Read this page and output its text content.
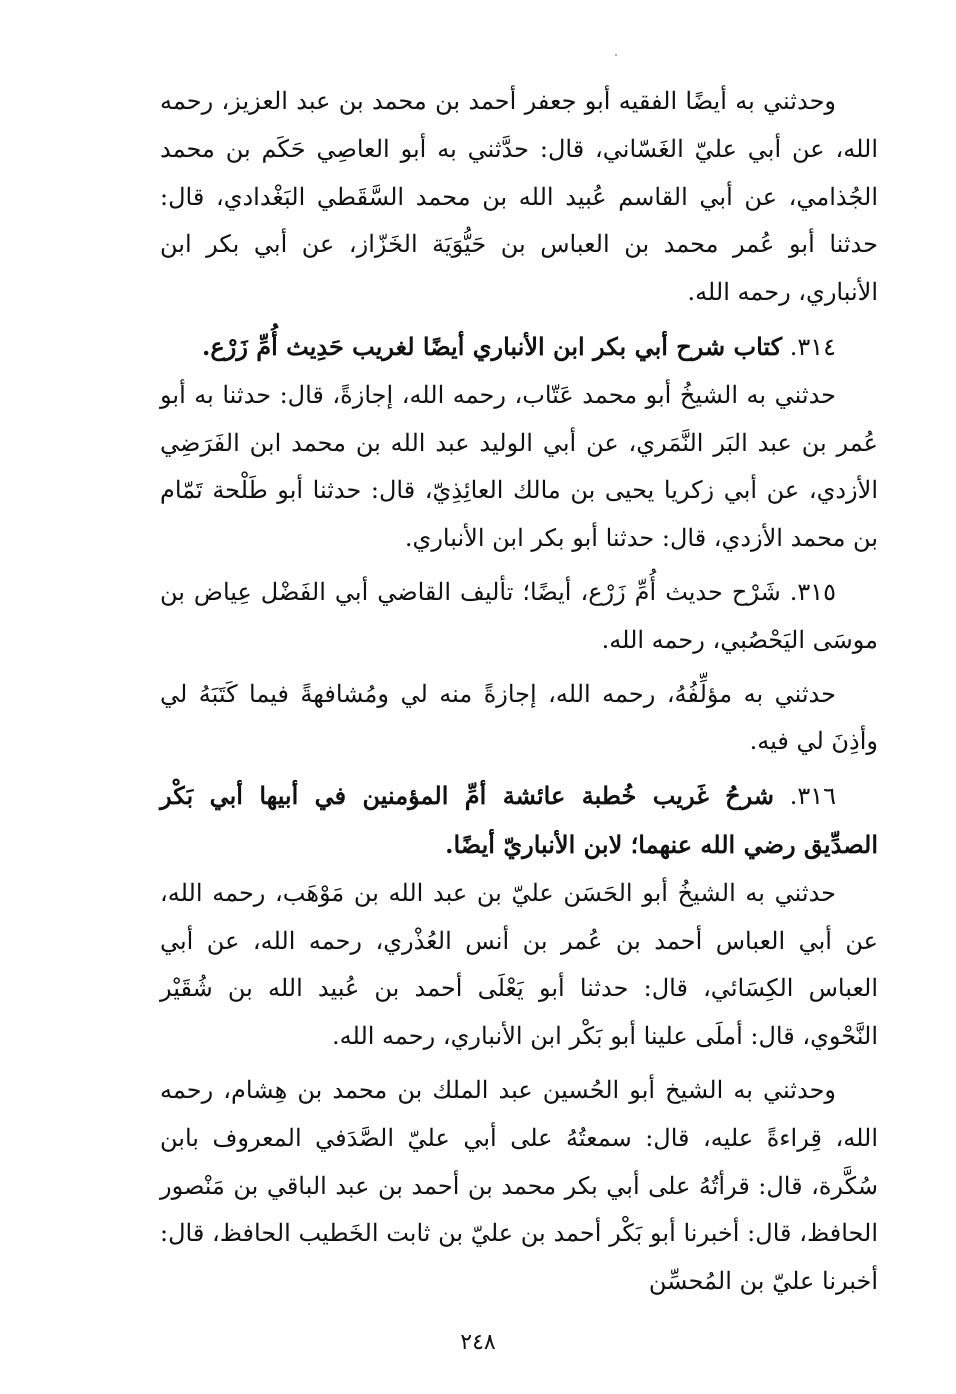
وحدثني به أيضًا الفقيه أبو جعفر أحمد بن محمد بن عبد العزيز، رحمه الله، عن أبي عليّ الغَسّاني، قال: حدَّثني به أبو العاصِي حَكَم بن محمد الجُذامي، عن أبي القاسم عُبيد الله بن محمد السَّقَطي البَغْدادي، قال: حدثنا أبو عُمر محمد بن العباس بن حَيُّوَيَة الخَزّاز، عن أبي بكر ابن الأنباري، رحمه الله.

٣١٤. كتاب شرح أبي بكر ابن الأنباري أيضًا لغريب حَدِيث أُمِّ زَرْع.

حدثني به الشيخُ أبو محمد عَتّاب، رحمه الله، إجازةً، قال: حدثنا به أبو عُمر بن عبد البَر النَّمَري، عن أبي الوليد عبد الله بن محمد ابن الفَرَضِي الأزدي، عن أبي زكريا يحيى بن مالك العائِذِيّ، قال: حدثنا أبو طَلْحة تَمّام بن محمد الأزدي، قال: حدثنا أبو بكر ابن الأنباري.

٣١٥. شَرْح حديث أُمِّ زَرْع، أيضًا؛ تأليف القاضي أبي الفَضْل عِياض بن موسَى اليَحْصُبي، رحمه الله.

حدثني به مؤلِّفُهُ، رحمه الله، إجازةً منه لي ومُشافهةً فيما كَتَبَهُ لي وأذِنَ لي فيه.

٣١٦. شرحُ غَريب خُطبة عائشة أمِّ المؤمنين في أبيها أبي بَكْر الصدِّيق رضي الله عنهما؛ لابن الأنباريّ أيضًا.

حدثني به الشيخُ أبو الحَسَن عليّ بن عبد الله بن مَوْهَب، رحمه الله، عن أبي العباس أحمد بن عُمر بن أنس العُذْري، رحمه الله، عن أبي العباس الكِسَائي، قال: حدثنا أبو يَعْلَى أحمد بن عُبيد الله بن شُقَيْر النَّحْوي، قال: أملَى علينا أبو بَكْر ابن الأنباري، رحمه الله.

وحدثني به الشيخ أبو الحُسين عبد الملك بن محمد بن هِشام، رحمه الله، قِراءةً عليه، قال: سمعتُهُ على أبي عليّ الصَّدَفي المعروف بابن سُكَّرة، قال: قرأتُهُ على أبي بكر محمد بن أحمد بن عبد الباقي بن مَنْصور الحافظ، قال: أخبرنا أبو بَكْر أحمد بن عليّ بن ثابت الخَطيب الحافظ، قال: أخبرنا عليّ بن المُحسِّن

٢٤٨
